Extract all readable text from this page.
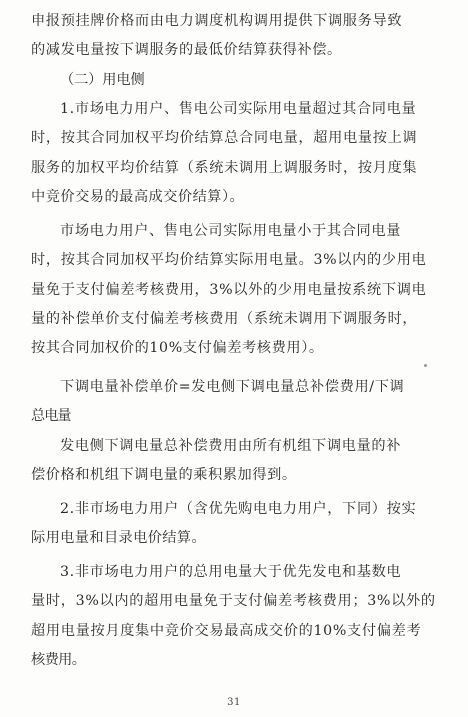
申报预挂牌价格而由电力调度机构调用提供下调服务导致
的减发电量按下调服务的最低价结算获得补偿。
（二）用电侧
1.市场电力用户、售电公司实际用电量超过其合同电量
时，按其合同加权平均价结算总合同电量，超用电量按上调
服务的加权平均价结算（系统未调用上调服务时，按月度集
中竞价交易的最高成交价结算）。
市场电力用户、售电公司实际用电量小于其合同电量
时，按其合同加权平均价结算实际用电量。3%以内的少用电
量免于支付偏差考核费用，3%以外的少用电量按系统下调电
量的补偿单价支付偏差考核费用（系统未调用下调服务时，
按其合同加权价的10%支付偏差考核费用）。
下调电量补偿单价=发电侧下调电量总补偿费用/下调
总电量
发电侧下调电量总补偿费用由所有机组下调电量的补
偿价格和机组下调电量的乘积累加得到。
2.非市场电力用户（含优先购电电力用户，下同）按实
际用电量和目录电价结算。
3.非市场电力用户的总用电量大于优先发电和基数电
量时，3%以内的超用电量免于支付偏差考核费用；3%以外的
超用电量按月度集中竞价交易最高成交价的10%支付偏差考
核费用。
31
